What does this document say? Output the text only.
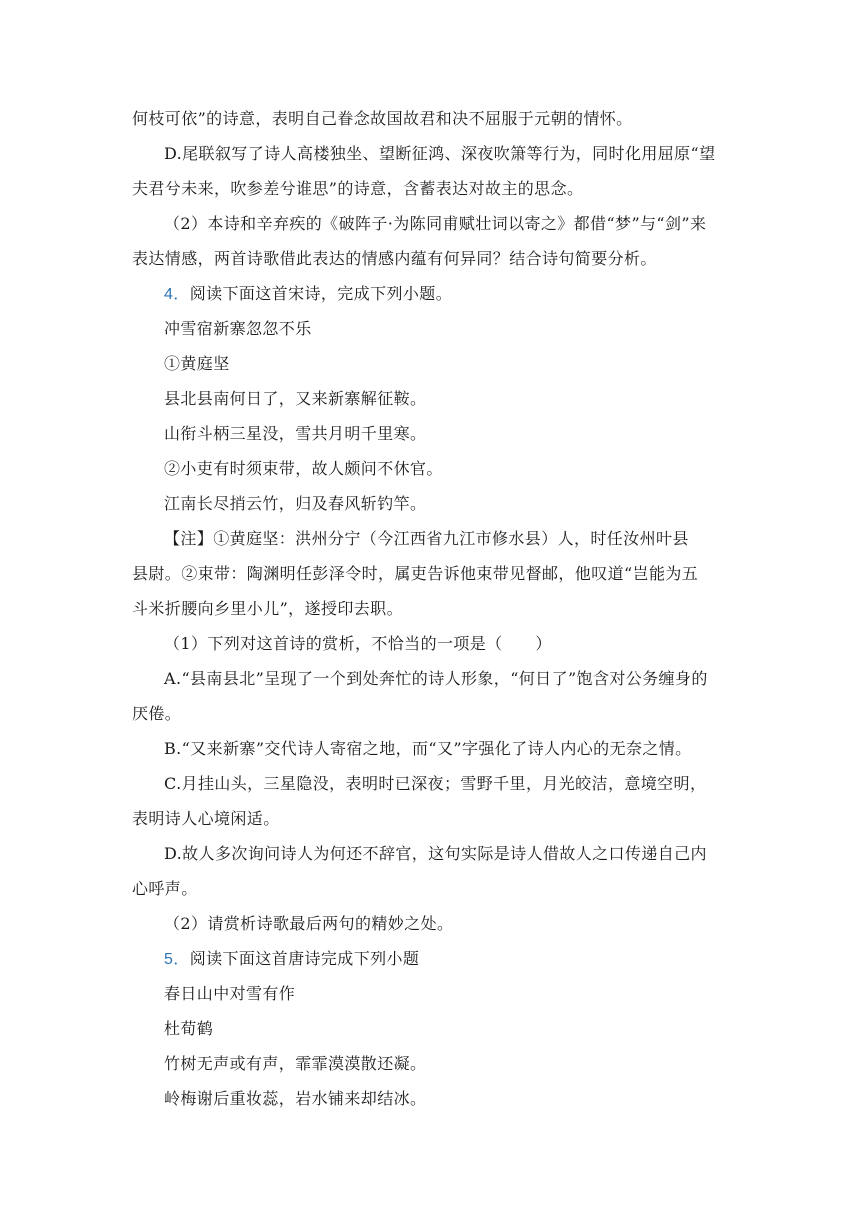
何枝可依”的诗意，表明自己眷念故国故君和决不屈服于元朝的情怀。
D.尾联叙写了诗人高楼独坐、望断征鸿、深夜吹箫等行为，同时化用屈原“望
夫君兮未来，吹参差兮谁思”的诗意，含蓄表达对故主的思念。
（2）本诗和辛弃疾的《破阵子·为陈同甫赋壮词以寄之》都借“梦”与“剑”来
表达情感，两首诗歌借此表达的情感内蕴有何异同？结合诗句简要分析。
4．阅读下面这首宋诗，完成下列小题。
冲雪宿新寨忽忽不乐
①黄庭坚
县北县南何日了，又来新寨解征鞍。
山衔斗柄三星没，雪共月明千里寒。
②小吏有时须束带，故人颇问不休官。
江南长尽捎云竹，归及春风斩钓竿。
【注】①黄庭坚：洪州分宁（今江西省九江市修水县）人，时任汝州叶县
县尉。②束带：陶渊明任彭泽令时，属吏告诉他束带见督邮，他叹道“岂能为五
斗米折腰向乡里小儿”，遂授印去职。
（1）下列对这首诗的赏析，不恰当的一项是（　　）
A.“县南县北”呈现了一个到处奔忙的诗人形象，“何日了”饱含对公务缠身的
厌倦。
B.“又来新寨”交代诗人寄宿之地，而“又”字强化了诗人内心的无奈之情。
C.月挂山头，三星隐没，表明时已深夜；雪野千里，月光皎洁，意境空明，
表明诗人心境闲适。
D.故人多次询问诗人为何还不辞官，这句实际是诗人借故人之口传递自己内
心呼声。
（2）请赏析诗歌最后两句的精妙之处。
5．阅读下面这首唐诗完成下列小题
春日山中对雪有作
杜荀鹤
竹树无声或有声，霏霏漠漠散还凝。
岭梅谢后重妆蕊，岩水铺来却结冰。
